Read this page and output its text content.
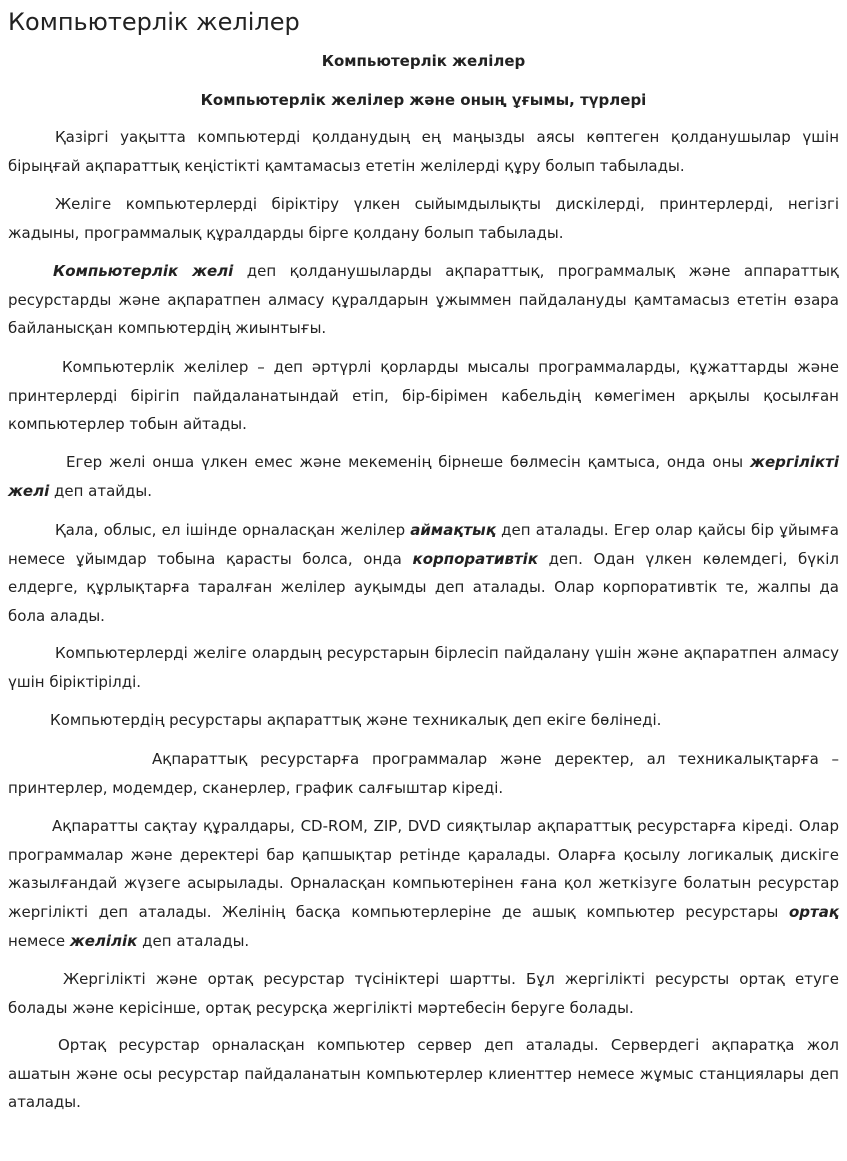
Компьютерлік желілер
Компьютерлік желілер
Компьютерлік желілер және оның ұғымы, түрлері

Қазіргі уақытта компьютерді қолданудың ең маңызды аясы көптеген қолданушылар үшін бірыңғай ақпараттық кеңістікті қамтамасыз ететін желілерді құру болып табылады.

Желіге компьютерлерді біріктіру үлкен сыйымдылықты дискілерді, принтерлерді, негізгі жадыны, программалық құралдарды бірге қолдану болып табылады.

Компьютерлік желі деп қолданушыларды ақпараттық, программалық және аппараттық ресурстарды және ақпаратпен алмасу құралдарын ұжыммен пайдалануды қамтамасыз ететін өзара байланысқан компьютердің жиынтығы.

Компьютерлік желілер – деп әртүрлі қорларды мысалы программаларды, құжаттарды және принтерлерді бірігіп пайдаланатындай етіп, бір-бірімен кабельдің көмегімен арқылы қосылған компьютерлер тобын айтады.

Егер желі онша үлкен емес және мекеменің бірнеше бөлмесін қамтыса, онда оны жергілікті желі деп атайды.

Қала, облыс, ел ішінде орналасқан желілер аймақтық деп аталады. Егер олар қайсы бір ұйымға немесе ұйымдар тобына қарасты болса, онда корпоративтік деп. Одан үлкен көлемдегі, бүкіл елдерге, құрлықтарға таралған желілер ауқымды деп аталады. Олар корпоративтік те, жалпы да бола алады.

Компьютерлерді желіге олардың ресурстарын бірлесіп пайдалану үшін және ақпаратпен алмасу үшін біріктірілді.

Компьютердің ресурстары ақпараттық және техникалық деп екіге бөлінеді.

Ақпараттық ресурстарға программалар және деректер, ал техникалықтарға – принтерлер, модемдер, сканерлер, график салғыштар кіреді.

Ақпаратты сақтау құралдары, CD-ROM, ZIP, DVD сияқтылар ақпараттық ресурстарға кіреді. Олар программалар және деректері бар қапшықтар ретінде қаралады. Оларға қосылу логикалық дискіге жазылғандай жүзеге асырылады. Орналасқан компьютерінен ғана қол жеткізуге болатын ресурстар жергілікті деп аталады. Желінің басқа компьютерлеріне де ашық компьютер ресурстары ортақ немесе желілік деп аталады.

Жергілікті және ортақ ресурстар түсініктері шартты. Бұл жергілікті ресурсты ортақ етуге болады және керісінше, ортақ ресурсқа жергілікті мәртебесін беруге болады.

Ортақ ресурстар орналасқан компьютер сервер деп аталады. Сервердегі ақпаратқа жол ашатын және осы ресурстар пайдаланатын компьютерлер клиенттер немесе жұмыс станциялары деп аталады.
